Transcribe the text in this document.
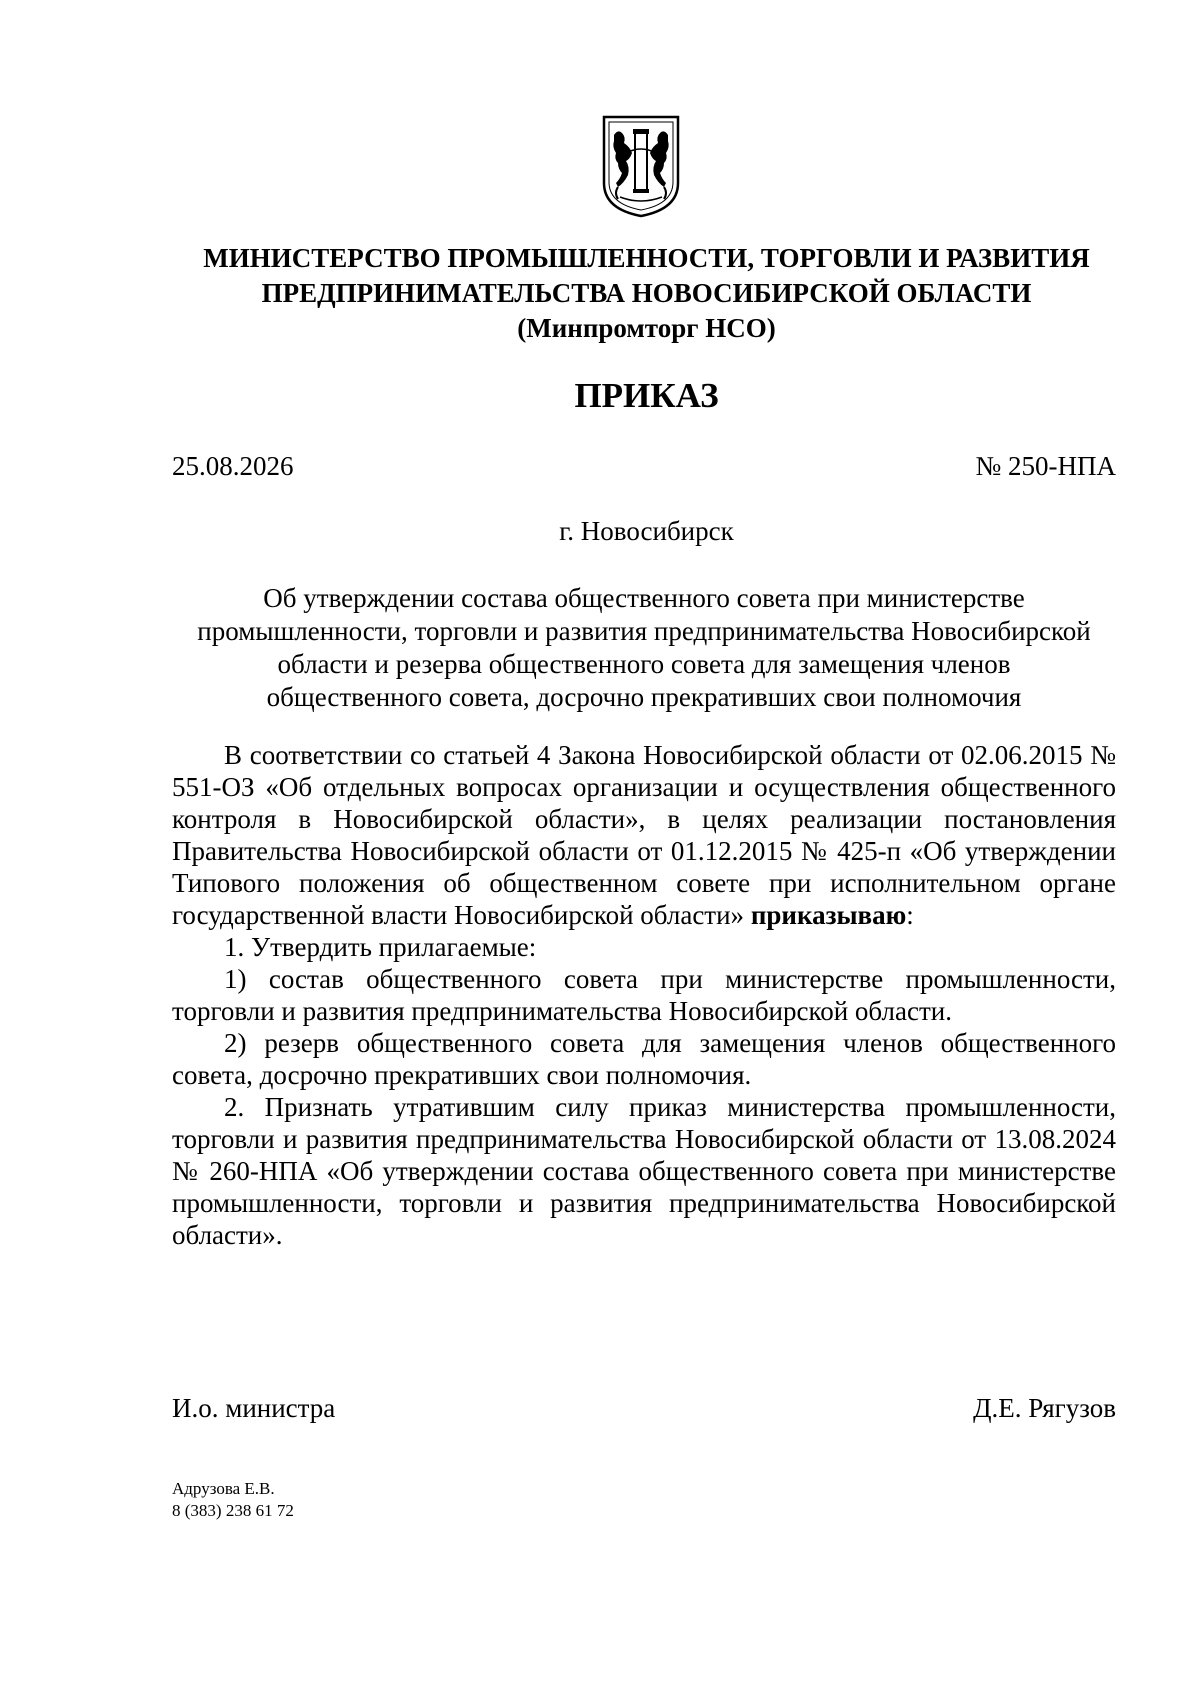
МИНИСТЕРСТВО ПРОМЫШЛЕННОСТИ, ТОРГОВЛИ И РАЗВИТИЯ
ПРЕДПРИНИМАТЕЛЬСТВА НОВОСИБИРСКОЙ ОБЛАСТИ
(Минпромторг НСО)
ПРИКАЗ
25.08.2026	№ 250-НПА
г. Новосибирск
Об утверждении состава общественного совета при министерстве
промышленности, торговли и развития предпринимательства Новосибирской
области и резерва общественного совета для замещения членов
общественного совета, досрочно прекративших свои полномочия

В соответствии со статьей 4 Закона Новосибирской области от 02.06.2015 № 551-ОЗ «Об отдельных вопросах организации и осуществления общественного контроля в Новосибирской области», в целях реализации постановления Правительства Новосибирской области от 01.12.2015 № 425-п «Об утверждении Типового положения об общественном совете при исполнительном органе государственной власти Новосибирской области» приказываю:

1. Утвердить прилагаемые:

1) состав общественного совета при министерстве промышленности, торговли и развития предпринимательства Новосибирской области.

2) резерв общественного совета для замещения членов общественного совета, досрочно прекративших свои полномочия.

2. Признать утратившим силу приказ министерства промышленности, торговли и развития предпринимательства Новосибирской области от 13.08.2024 № 260-НПА «Об утверждении состава общественного совета при министерстве промышленности, торговли и развития предпринимательства Новосибирской области».

И.о. министра	Д.Е. Рягузов
Адрузова Е.В.
8 (383) 238 61 72
